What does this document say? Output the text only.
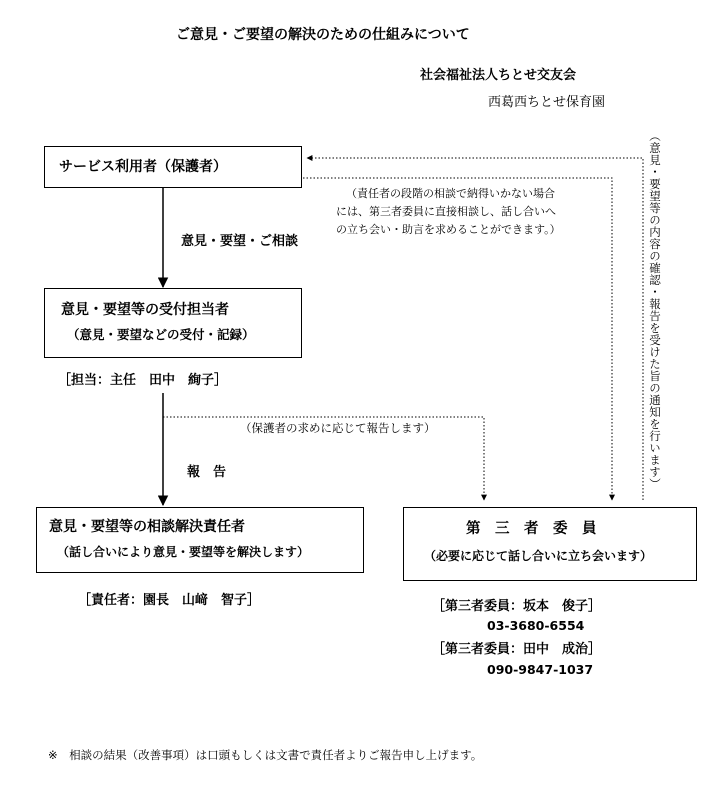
ご意見・ご要望の解決のための仕組みについて
社会福祉法人ちとせ交友会
西葛西ちとせ保育園
サービス利用者（保護者）
意見・要望・ご相談
（責任者の段階の相談で納得いかない場合
には、第三者委員に直接相談し、話し合いへ
の立ち会い・助言を求めることができます。）	（意見・要望等の内容の確認・報告を受けた旨の通知を行います）
意見・要望等の受付担当者
（意見・要望などの受付・記録）
［担当：主任　田中　絢子］
（保護者の求めに応じて報告します）
報　告
意見・要望等の相談解決責任者
（話し合いにより意見・要望等を解決します）
［責任者：園長　山﨑　智子］
第　三　者　委　員
（必要に応じて話し合いに立ち会います）
［第三者委員：坂本　俊子］
03-3680-6554
［第三者委員：田中　成治］
090-9847-1037
※　相談の結果（改善事項）は口頭もしくは文書で責任者よりご報告申し上げます。
